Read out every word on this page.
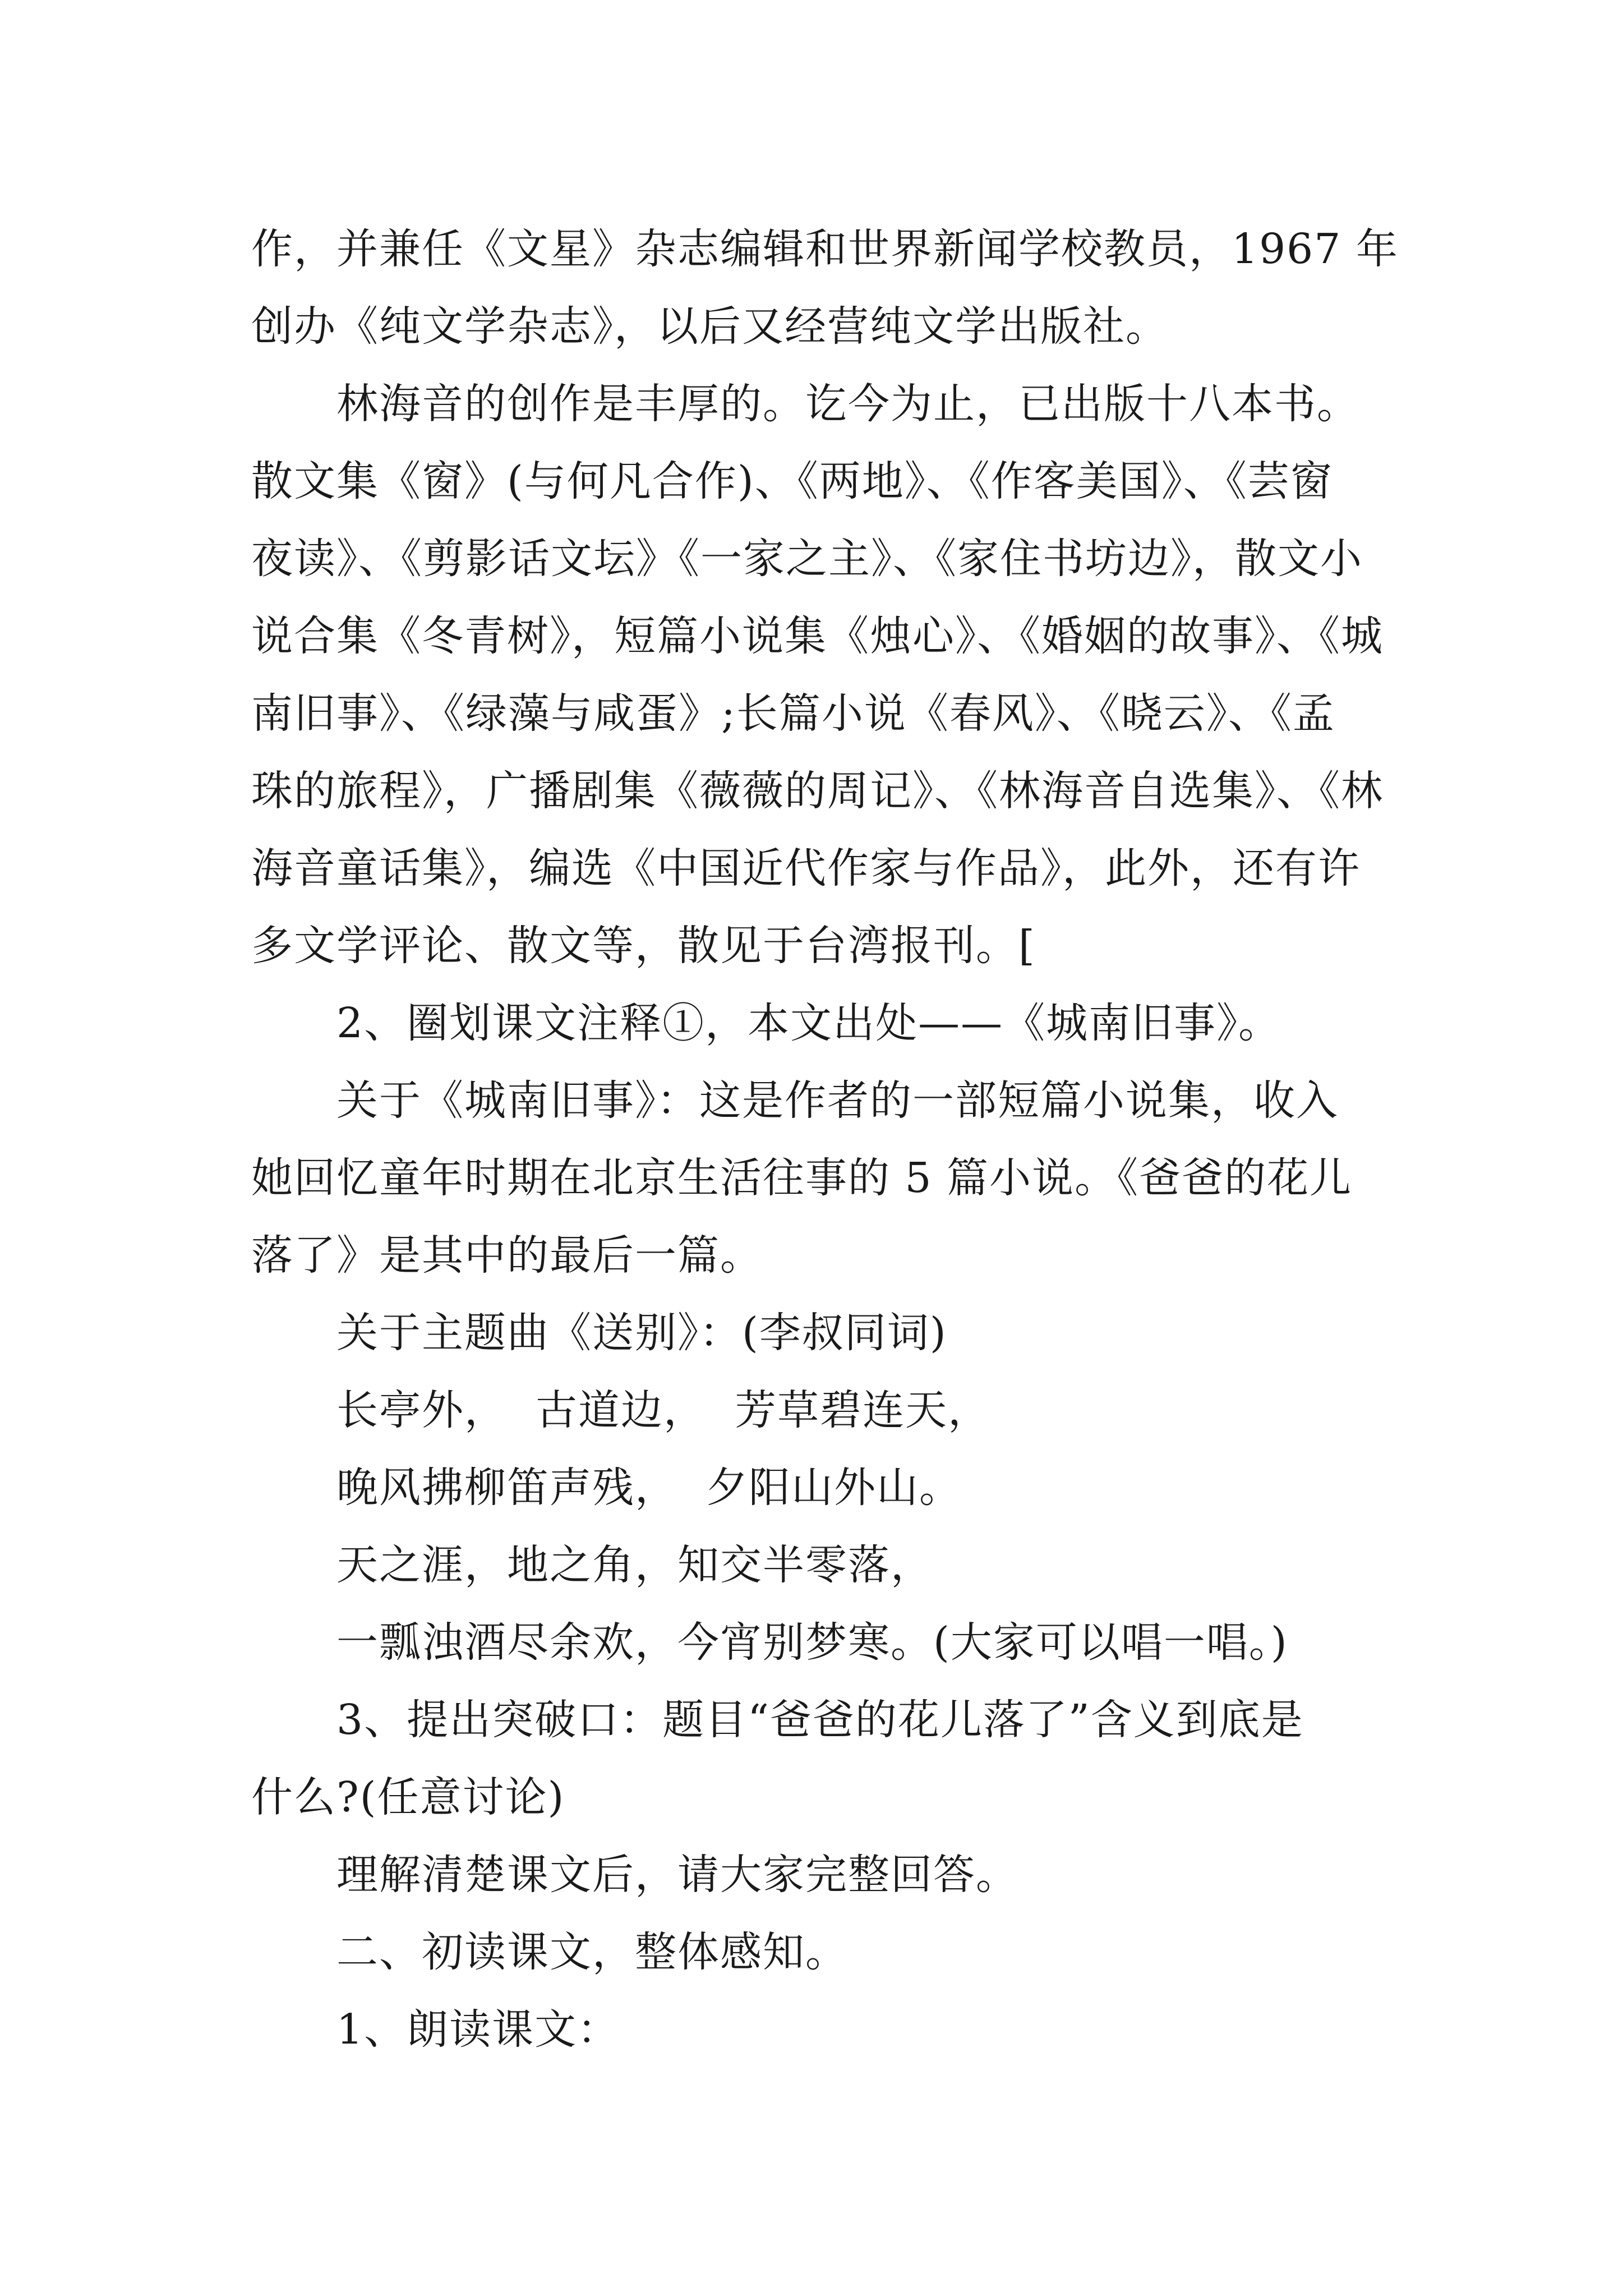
作，并兼任《文星》杂志编辑和世界新闻学校教员，1967 年
创办《纯文学杂志》，以后又经营纯文学出版社。
林海音的创作是丰厚的。讫今为止，已出版十八本书。
散文集《窗》(与何凡合作)、《两地》、《作客美国》、《芸窗
夜读》、《剪影话文坛》《一家之主》、《家住书坊边》，散文小
说合集《冬青树》，短篇小说集《烛心》、《婚姻的故事》、《城
南旧事》、《绿藻与咸蛋》;长篇小说《春风》、《晓云》、《孟
珠的旅程》，广播剧集《薇薇的周记》、《林海音自选集》、《林
海音童话集》，编选《中国近代作家与作品》，此外，还有许
多文学评论、散文等，散见于台湾报刊。[
2、圈划课文注释①，本文出处——《城南旧事》。
关于《城南旧事》：这是作者的一部短篇小说集，收入
她回忆童年时期在北京生活往事的 5 篇小说。《爸爸的花儿
落了》是其中的最后一篇。
关于主题曲《送别》：(李叔同词)
长亭外，  古道边，  芳草碧连天，
晚风拂柳笛声残，  夕阳山外山。
天之涯，地之角，知交半零落，
一瓢浊酒尽余欢，今宵别梦寒。(大家可以唱一唱。)
3、提出突破口：题目“爸爸的花儿落了”含义到底是
什么?(任意讨论)
理解清楚课文后，请大家完整回答。
二、初读课文，整体感知。
1、朗读课文：
